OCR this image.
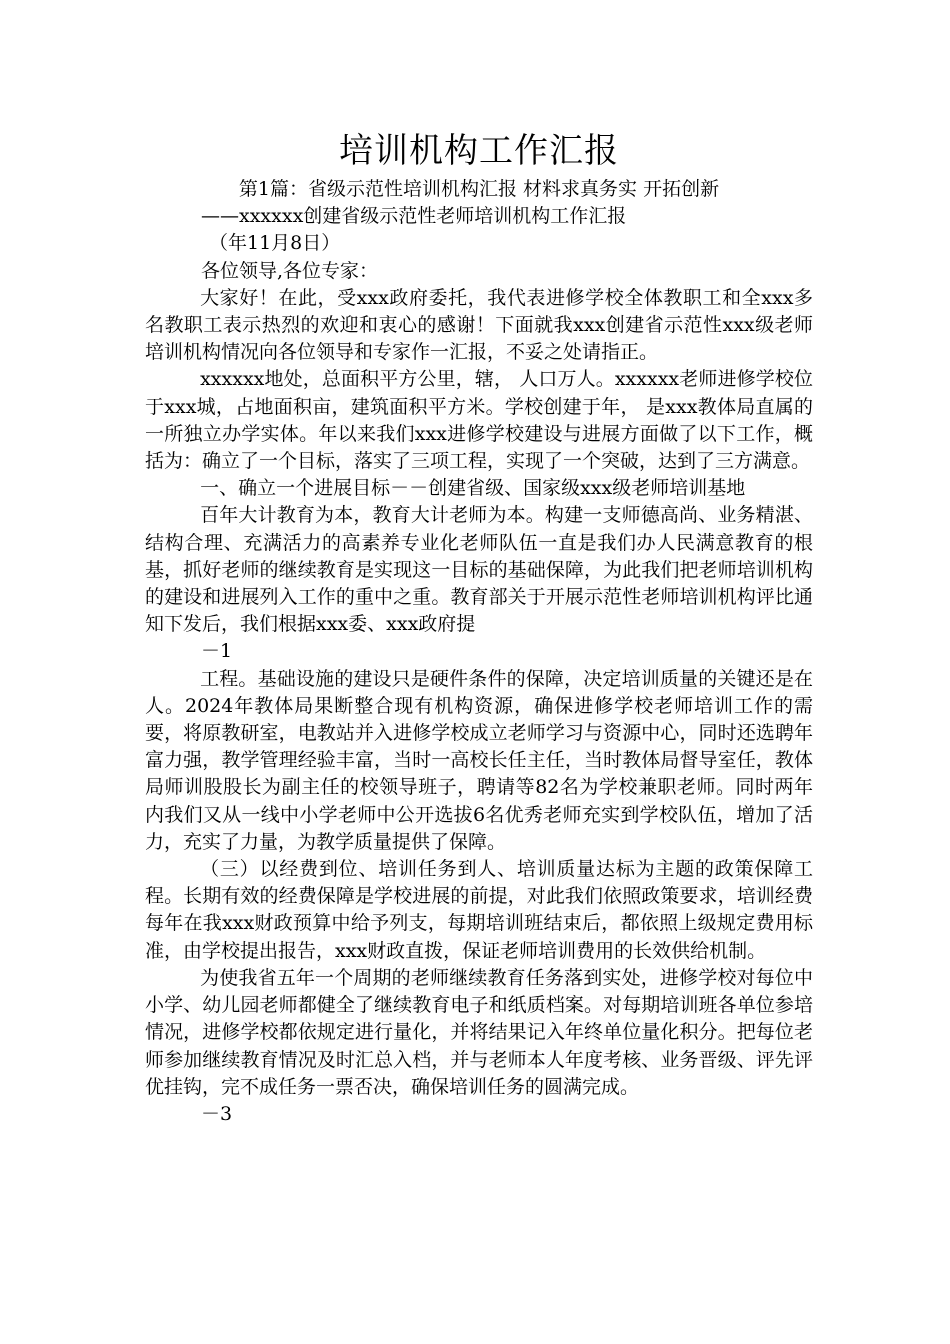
培训机构工作汇报
第1篇：省级示范性培训机构汇报 材料求真务实 开拓创新
——xxxxxx创建省级示范性老师培训机构工作汇报
（年11月8日）
各位领导,各位专家：

大家好！在此，受xxx政府委托，我代表进修学校全体教职工和全xxx多名教职工表示热烈的欢迎和衷心的感谢！下面就我xxx创建省示范性xxx级老师培训机构情况向各位领导和专家作一汇报，不妥之处请指正。

xxxxxx地处，总面积平方公里，辖， 人口万人。xxxxxx老师进修学校位于xxx城，占地面积亩，建筑面积平方米。学校创建于年， 是xxx教体局直属的一所独立办学实体。年以来我们xxx进修学校建设与进展方面做了以下工作，概括为：确立了一个目标，落实了三项工程，实现了一个突破，达到了三方满意。

一、确立一个进展目标－－创建省级、国家级xxx级老师培训基地

百年大计教育为本，教育大计老师为本。构建一支师德高尚、业务精湛、结构合理、充满活力的高素养专业化老师队伍一直是我们办人民满意教育的根基，抓好老师的继续教育是实现这一目标的基础保障，为此我们把老师培训机构的建设和进展列入工作的重中之重。教育部关于开展示范性老师培训机构评比通知下发后，我们根据xxx委、xxx政府提

－1

工程。基础设施的建设只是硬件条件的保障，决定培训质量的关键还是在人。2024年教体局果断整合现有机构资源，确保进修学校老师培训工作的需要，将原教研室，电教站并入进修学校成立老师学习与资源中心，同时还选聘年富力强，教学管理经验丰富，当时一高校长任主任，当时教体局督导室任，教体局师训股股长为副主任的校领导班子，聘请等82名为学校兼职老师。同时两年内我们又从一线中小学老师中公开选拔6名优秀老师充实到学校队伍，增加了活力，充实了力量，为教学质量提供了保障。

（三）以经费到位、培训任务到人、培训质量达标为主题的政策保障工程。长期有效的经费保障是学校进展的前提，对此我们依照政策要求，培训经费每年在我xxx财政预算中给予列支，每期培训班结束后，都依照上级规定费用标准，由学校提出报告，xxx财政直拨，保证老师培训费用的长效供给机制。

为使我省五年一个周期的老师继续教育任务落到实处，进修学校对每位中小学、幼儿园老师都健全了继续教育电子和纸质档案。对每期培训班各单位参培情况，进修学校都依规定进行量化，并将结果记入年终单位量化积分。把每位老师参加继续教育情况及时汇总入档，并与老师本人年度考核、业务晋级、评先评优挂钩，完不成任务一票否决，确保培训任务的圆满完成。

－3
